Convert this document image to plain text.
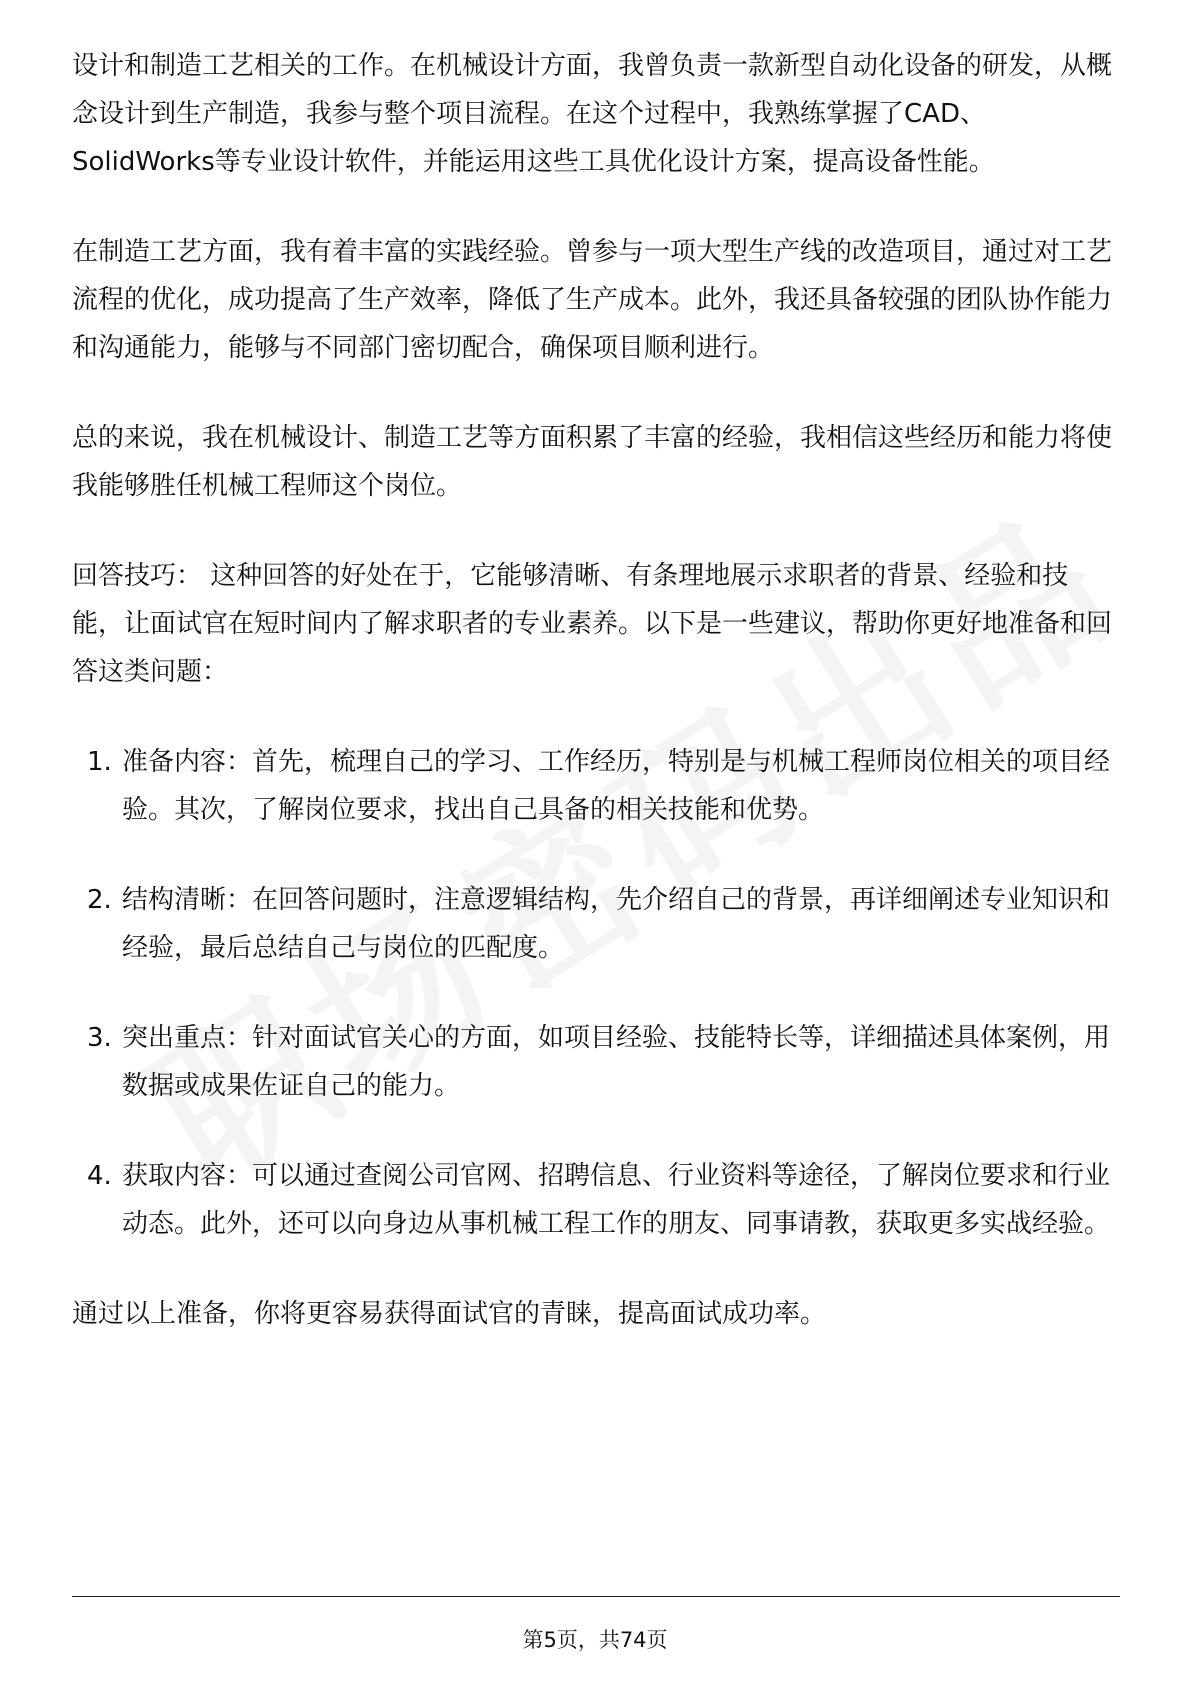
设计和制造工艺相关的工作。在机械设计方面，我曾负责一款新型自动化设备的研发，从概念设计到生产制造，我参与整个项目流程。在这个过程中，我熟练掌握了CAD、SolidWorks等专业设计软件，并能运用这些工具优化设计方案，提高设备性能。

在制造工艺方面，我有着丰富的实践经验。曾参与一项大型生产线的改造项目，通过对工艺流程的优化，成功提高了生产效率，降低了生产成本。此外，我还具备较强的团队协作能力和沟通能力，能够与不同部门密切配合，确保项目顺利进行。

总的来说，我在机械设计、制造工艺等方面积累了丰富的经验，我相信这些经历和能力将使我能够胜任机械工程师这个岗位。

回答技巧： 这种回答的好处在于，它能够清晰、有条理地展示求职者的背景、经验和技能，让面试官在短时间内了解求职者的专业素养。以下是一些建议，帮助你更好地准备和回答这类问题：

1. 准备内容：首先，梳理自己的学习、工作经历，特别是与机械工程师岗位相关的项目经验。其次，了解岗位要求，找出自己具备的相关技能和优势。
2. 结构清晰：在回答问题时，注意逻辑结构，先介绍自己的背景，再详细阐述专业知识和经验，最后总结自己与岗位的匹配度。
3. 突出重点：针对面试官关心的方面，如项目经验、技能特长等，详细描述具体案例，用数据或成果佐证自己的能力。
4. 获取内容：可以通过查阅公司官网、招聘信息、行业资料等途径，了解岗位要求和行业动态。此外，还可以向身边从事机械工程工作的朋友、同事请教，获取更多实战经验。

通过以上准备，你将更容易获得面试官的青睐，提高面试成功率。

第5页，共74页
